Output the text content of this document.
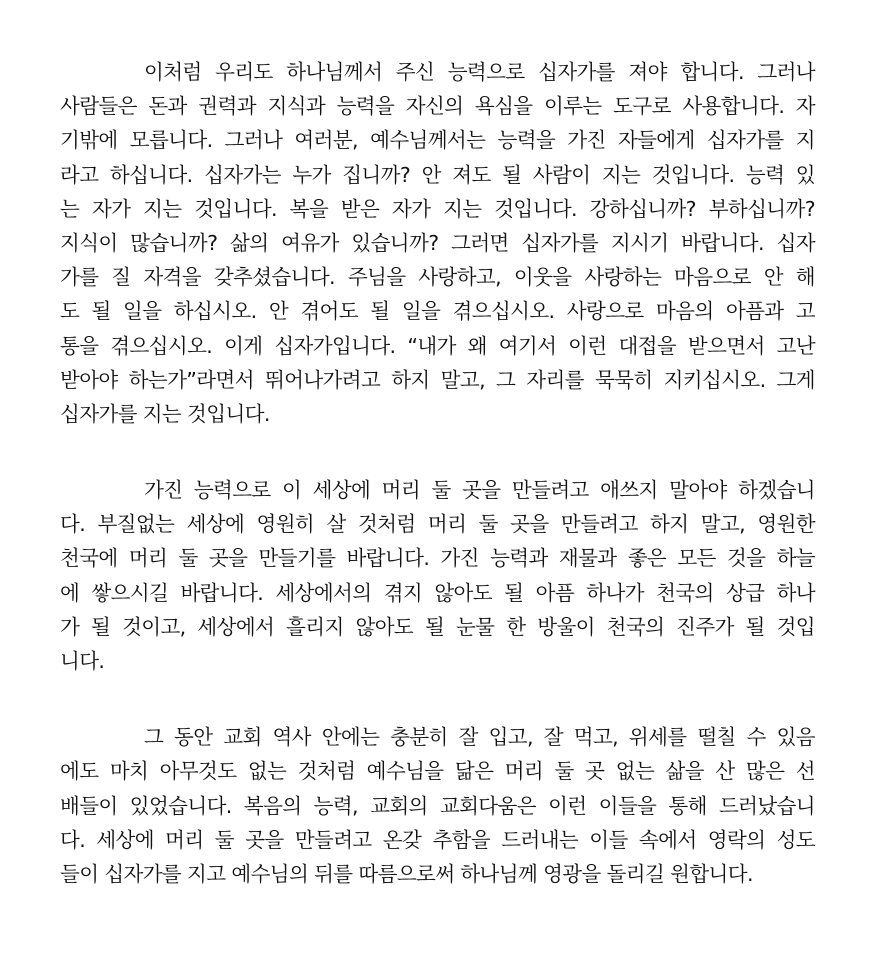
이처럼 우리도 하나님께서 주신 능력으로 십자가를 져야 합니다. 그러나
사람들은 돈과 권력과 지식과 능력을 자신의 욕심을 이루는 도구로 사용합니다. 자
기밖에 모릅니다. 그러나 여러분, 예수님께서는 능력을 가진 자들에게 십자가를 지
라고 하십니다. 십자가는 누가 집니까? 안 져도 될 사람이 지는 것입니다. 능력 있
는 자가 지는 것입니다. 복을 받은 자가 지는 것입니다. 강하십니까? 부하십니까?
지식이 많습니까? 삶의 여유가 있습니까? 그러면 십자가를 지시기 바랍니다. 십자
가를 질 자격을 갖추셨습니다. 주님을 사랑하고, 이웃을 사랑하는 마음으로 안 해
도 될 일을 하십시오. 안 겪어도 될 일을 겪으십시오. 사랑으로 마음의 아픔과 고
통을 겪으십시오. 이게 십자가입니다. “내가 왜 여기서 이런 대접을 받으면서 고난
받아야 하는가”라면서 뛰어나가려고 하지 말고, 그 자리를 묵묵히 지키십시오. 그게
십자가를 지는 것입니다.
가진 능력으로 이 세상에 머리 둘 곳을 만들려고 애쓰지 말아야 하겠습니
다. 부질없는 세상에 영원히 살 것처럼 머리 둘 곳을 만들려고 하지 말고, 영원한
천국에 머리 둘 곳을 만들기를 바랍니다. 가진 능력과 재물과 좋은 모든 것을 하늘
에 쌓으시길 바랍니다. 세상에서의 겪지 않아도 될 아픔 하나가 천국의 상급 하나
가 될 것이고, 세상에서 흘리지 않아도 될 눈물 한 방울이 천국의 진주가 될 것입
니다.
그 동안 교회 역사 안에는 충분히 잘 입고, 잘 먹고, 위세를 떨칠 수 있음
에도 마치 아무것도 없는 것처럼 예수님을 닮은 머리 둘 곳 없는 삶을 산 많은 선
배들이 있었습니다. 복음의 능력, 교회의 교회다움은 이런 이들을 통해 드러났습니
다. 세상에 머리 둘 곳을 만들려고 온갖 추함을 드러내는 이들 속에서 영락의 성도
들이 십자가를 지고 예수님의 뒤를 따름으로써 하나님께 영광을 돌리길 원합니다.
